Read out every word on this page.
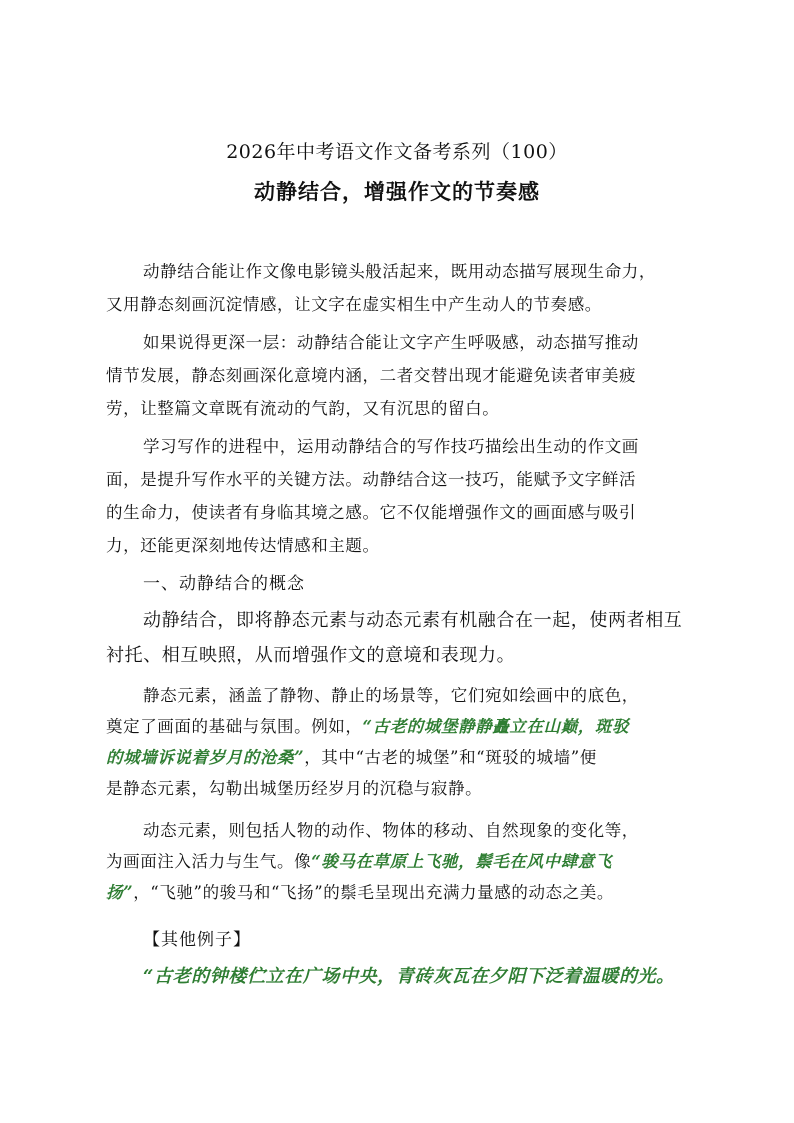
2026年中考语文作文备考系列（100）
动静结合，增强作文的节奏感
动静结合能让作文像电影镜头般活起来，既用动态描写展现生命力，
又用静态刻画沉淀情感，让文字在虚实相生中产生动人的节奏感。
如果说得更深一层：动静结合能让文字产生呼吸感，动态描写推动
情节发展，静态刻画深化意境内涵，二者交替出现才能避免读者审美疲
劳，让整篇文章既有流动的气韵，又有沉思的留白。
学习写作的进程中，运用动静结合的写作技巧描绘出生动的作文画
面，是提升写作水平的关键方法。动静结合这一技巧，能赋予文字鲜活
的生命力，使读者有身临其境之感。它不仅能增强作文的画面感与吸引
力，还能更深刻地传达情感和主题。
一、动静结合的概念
动静结合，即将静态元素与动态元素有机融合在一起，使两者相互
衬托、相互映照，从而增强作文的意境和表现力。
静态元素，涵盖了静物、静止的场景等，它们宛如绘画中的底色，
奠定了画面的基础与氛围。例如，“古老的城堡静静矗立在山巅，斑驳
的城墙诉说着岁月的沧桑”，其中“古老的城堡”和“斑驳的城墙”便
是静态元素，勾勒出城堡历经岁月的沉稳与寂静。
动态元素，则包括人物的动作、物体的移动、自然现象的变化等，
为画面注入活力与生气。像“骏马在草原上飞驰，鬃毛在风中肆意飞
扬”，“飞驰”的骏马和“飞扬”的鬃毛呈现出充满力量感的动态之美。
【其他例子】
“古老的钟楼伫立在广场中央，青砖灰瓦在夕阳下泛着温暖的光。
